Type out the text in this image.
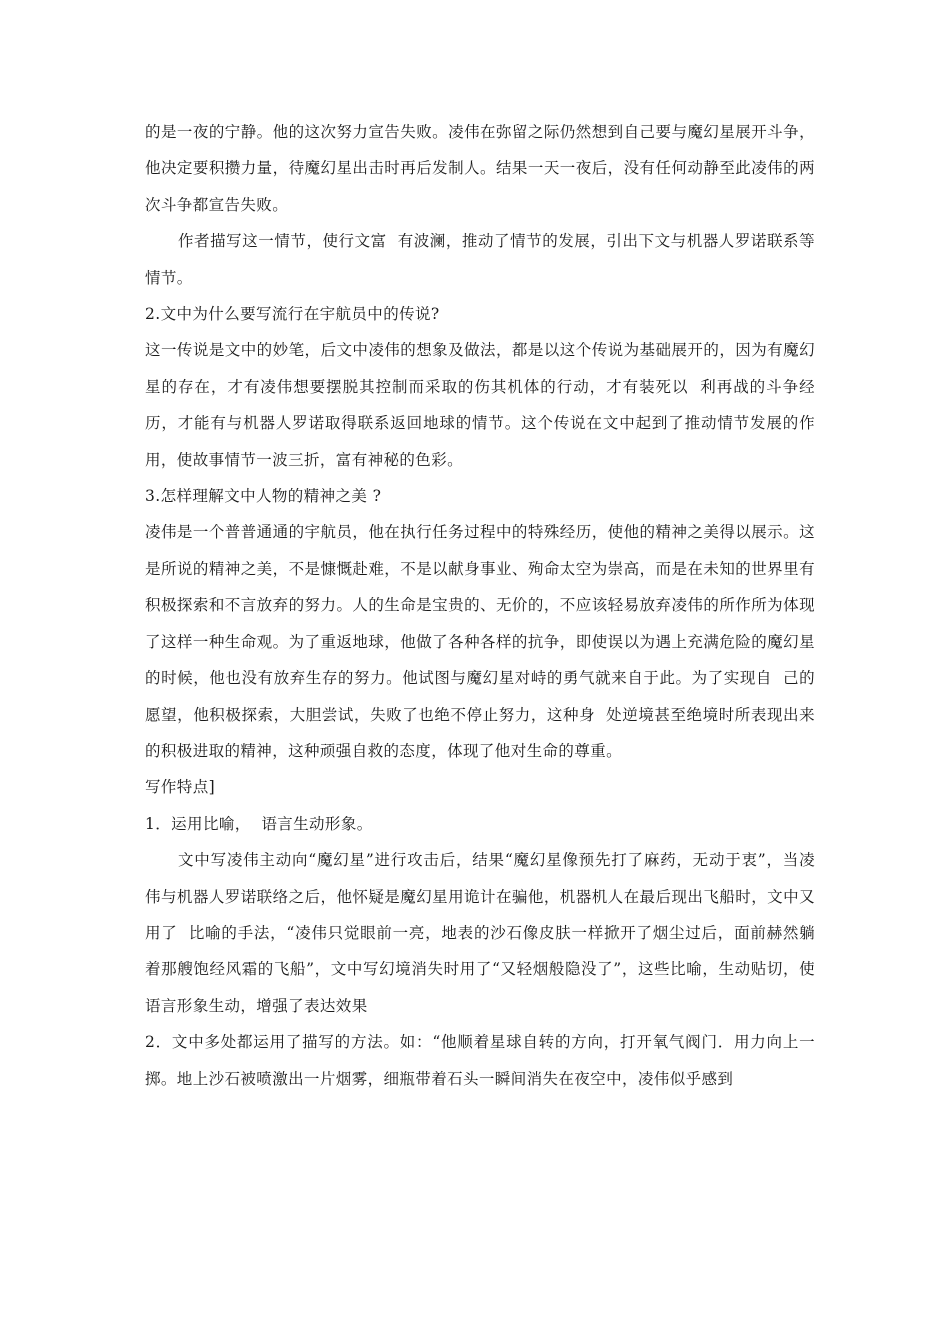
的是一夜的宁静。他的这次努力宣告失败。凌伟在弥留之际仍然想到自己要与魔幻星展开斗争，他决定要积攒力量，待魔幻星出击时再后发制人。结果一天一夜后，没有任何动静至此凌伟的两次斗争都宣告失败。

作者描写这一情节，使行文富  有波澜，推动了情节的发展，引出下文与机器人罗诺联系等情节。

2.文中为什么要写流行在宇航员中的传说?

这一传说是文中的妙笔，后文中凌伟的想象及做法，都是以这个传说为基础展开的，因为有魔幻星的存在，才有凌伟想要摆脱其控制而采取的伤其机体的行动，才有装死以  利再战的斗争经历，才能有与机器人罗诺取得联系返回地球的情节。这个传说在文中起到了推动情节发展的作用，使故事情节一波三折，富有神秘的色彩。

3.怎样理解文中人物的精神之美 ?

凌伟是一个普普通通的宇航员，他在执行任务过程中的特殊经历，使他的精神之美得以展示。这是所说的精神之美，不是慷慨赴难，不是以献身事业、殉命太空为崇高，而是在未知的世界里有积极探索和不言放弃的努力。人的生命是宝贵的、无价的，不应该轻易放弃凌伟的所作所为体现了这样一种生命观。为了重返地球，他做了各种各样的抗争，即使误以为遇上充满危险的魔幻星的时候，他也没有放弃生存的努力。他试图与魔幻星对峙的勇气就来自于此。为了实现自  己的愿望，他积极探索，大胆尝试，失败了也绝不停止努力，这种身  处逆境甚至绝境时所表现出来的积极进取的精神，这种顽强自救的态度，体现了他对生命的尊重。

写作特点]

1．运用比喻，  语言生动形象。

文中写凌伟主动向“魔幻星”进行攻击后，结果“魔幻星像预先打了麻药，无动于衷”，当凌伟与机器人罗诺联络之后，他怀疑是魔幻星用诡计在骗他，机器机人在最后现出飞船时，文中又用了  比喻的手法，“凌伟只觉眼前一亮，地表的沙石像皮肤一样掀开了烟尘过后，面前赫然躺着那艘饱经风霜的飞船”，文中写幻境消失时用了“又轻烟般隐没了”，这些比喻，生动贴切，使语言形象生动，增强了表达效果

2．文中多处都运用了描写的方法。如：“他顺着星球自转的方向，打开氧气阀门．用力向上一掷。地上沙石被喷激出一片烟雾，细瓶带着石头一瞬间消失在夜空中，凌伟似乎感到
